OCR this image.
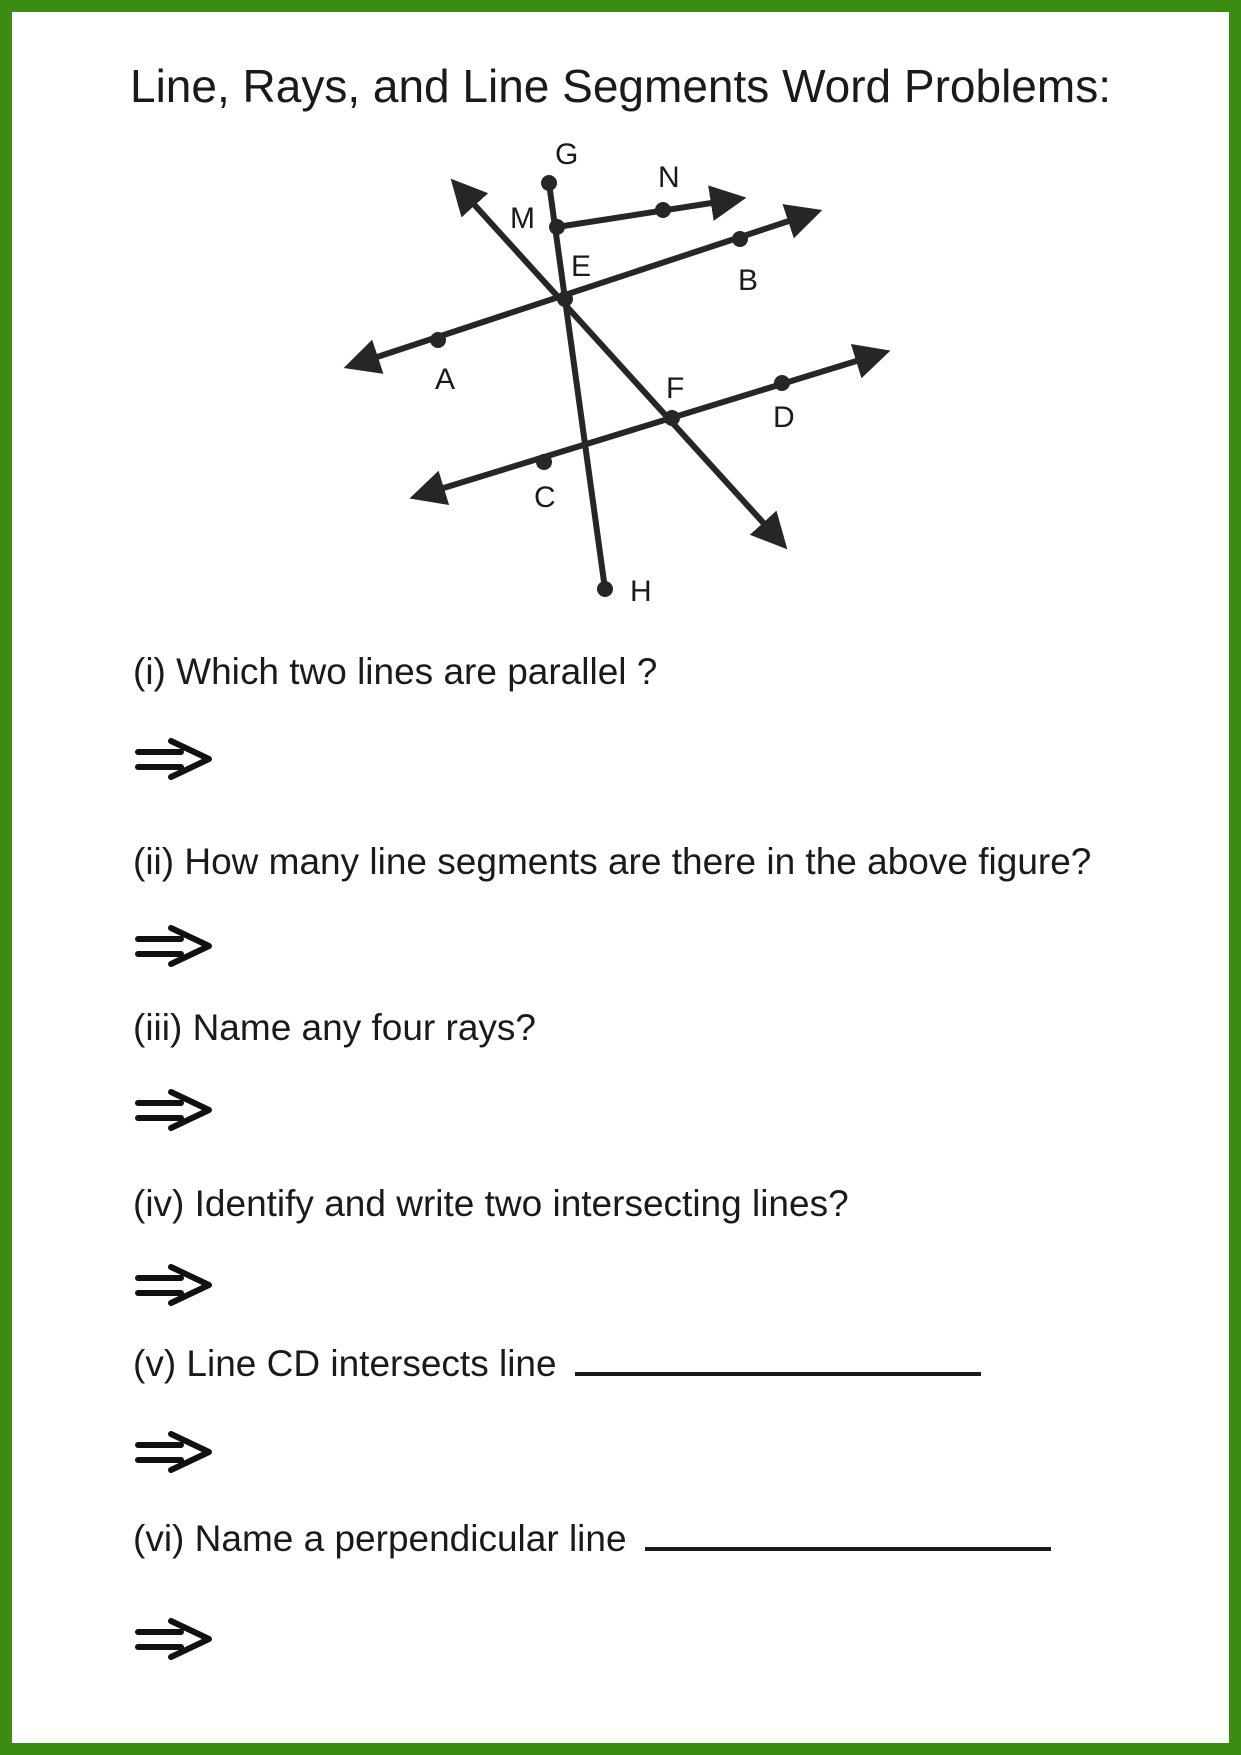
Line, Rays, and Line Segments Word Problems:
G
N
M
E	B
A	F
D
C
H
(i) Which two lines are parallel ?
(ii) How many line segments are there in the above figure?
(iii) Name any four rays?
(iv) Identify and write two intersecting lines?
(v) Line CD intersects line
(vi) Name a perpendicular line
